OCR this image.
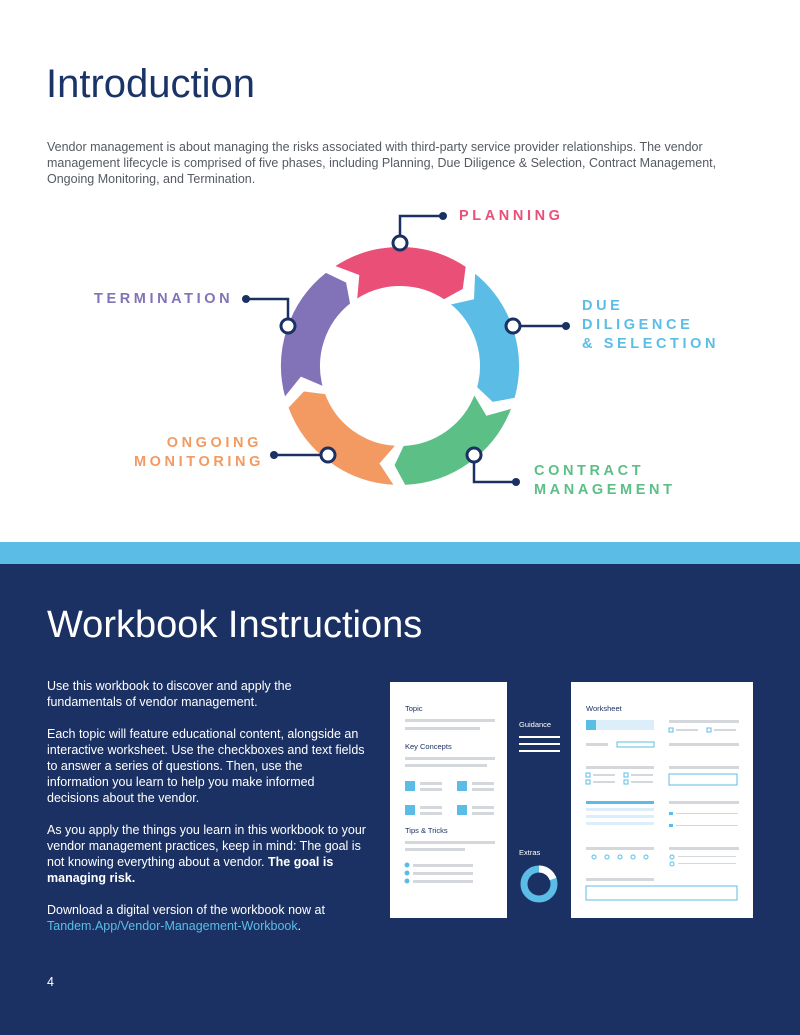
Introduction

Vendor management is about managing the risks associated with third-party service provider relationships. The vendor management lifecycle is comprised of five phases, including Planning, Due Diligence & Selection, Contract Management, Ongoing Monitoring, and Termination.

PLANNING

DUE
DILIGENCE
& SELECTION

CONTRACT
MANAGEMENT

ONGOING
MONITORING

TERMINATION

Workbook Instructions

Use this workbook to discover and apply the fundamentals of vendor management.

Each topic will feature educational content, alongside an interactive worksheet. Use the checkboxes and text fields to answer a series of questions. Then, use the information you learn to help you make informed decisions about the vendor.

As you apply the things you learn in this workbook to your vendor management practices, keep in mind: The goal is not knowing everything about a vendor. The goal is managing risk.

Download a digital version of the workbook now at Tandem.App/Vendor-Management-Workbook.

Topic
Key Concepts
Tips & Tricks
Guidance
Extras
Worksheet
4
